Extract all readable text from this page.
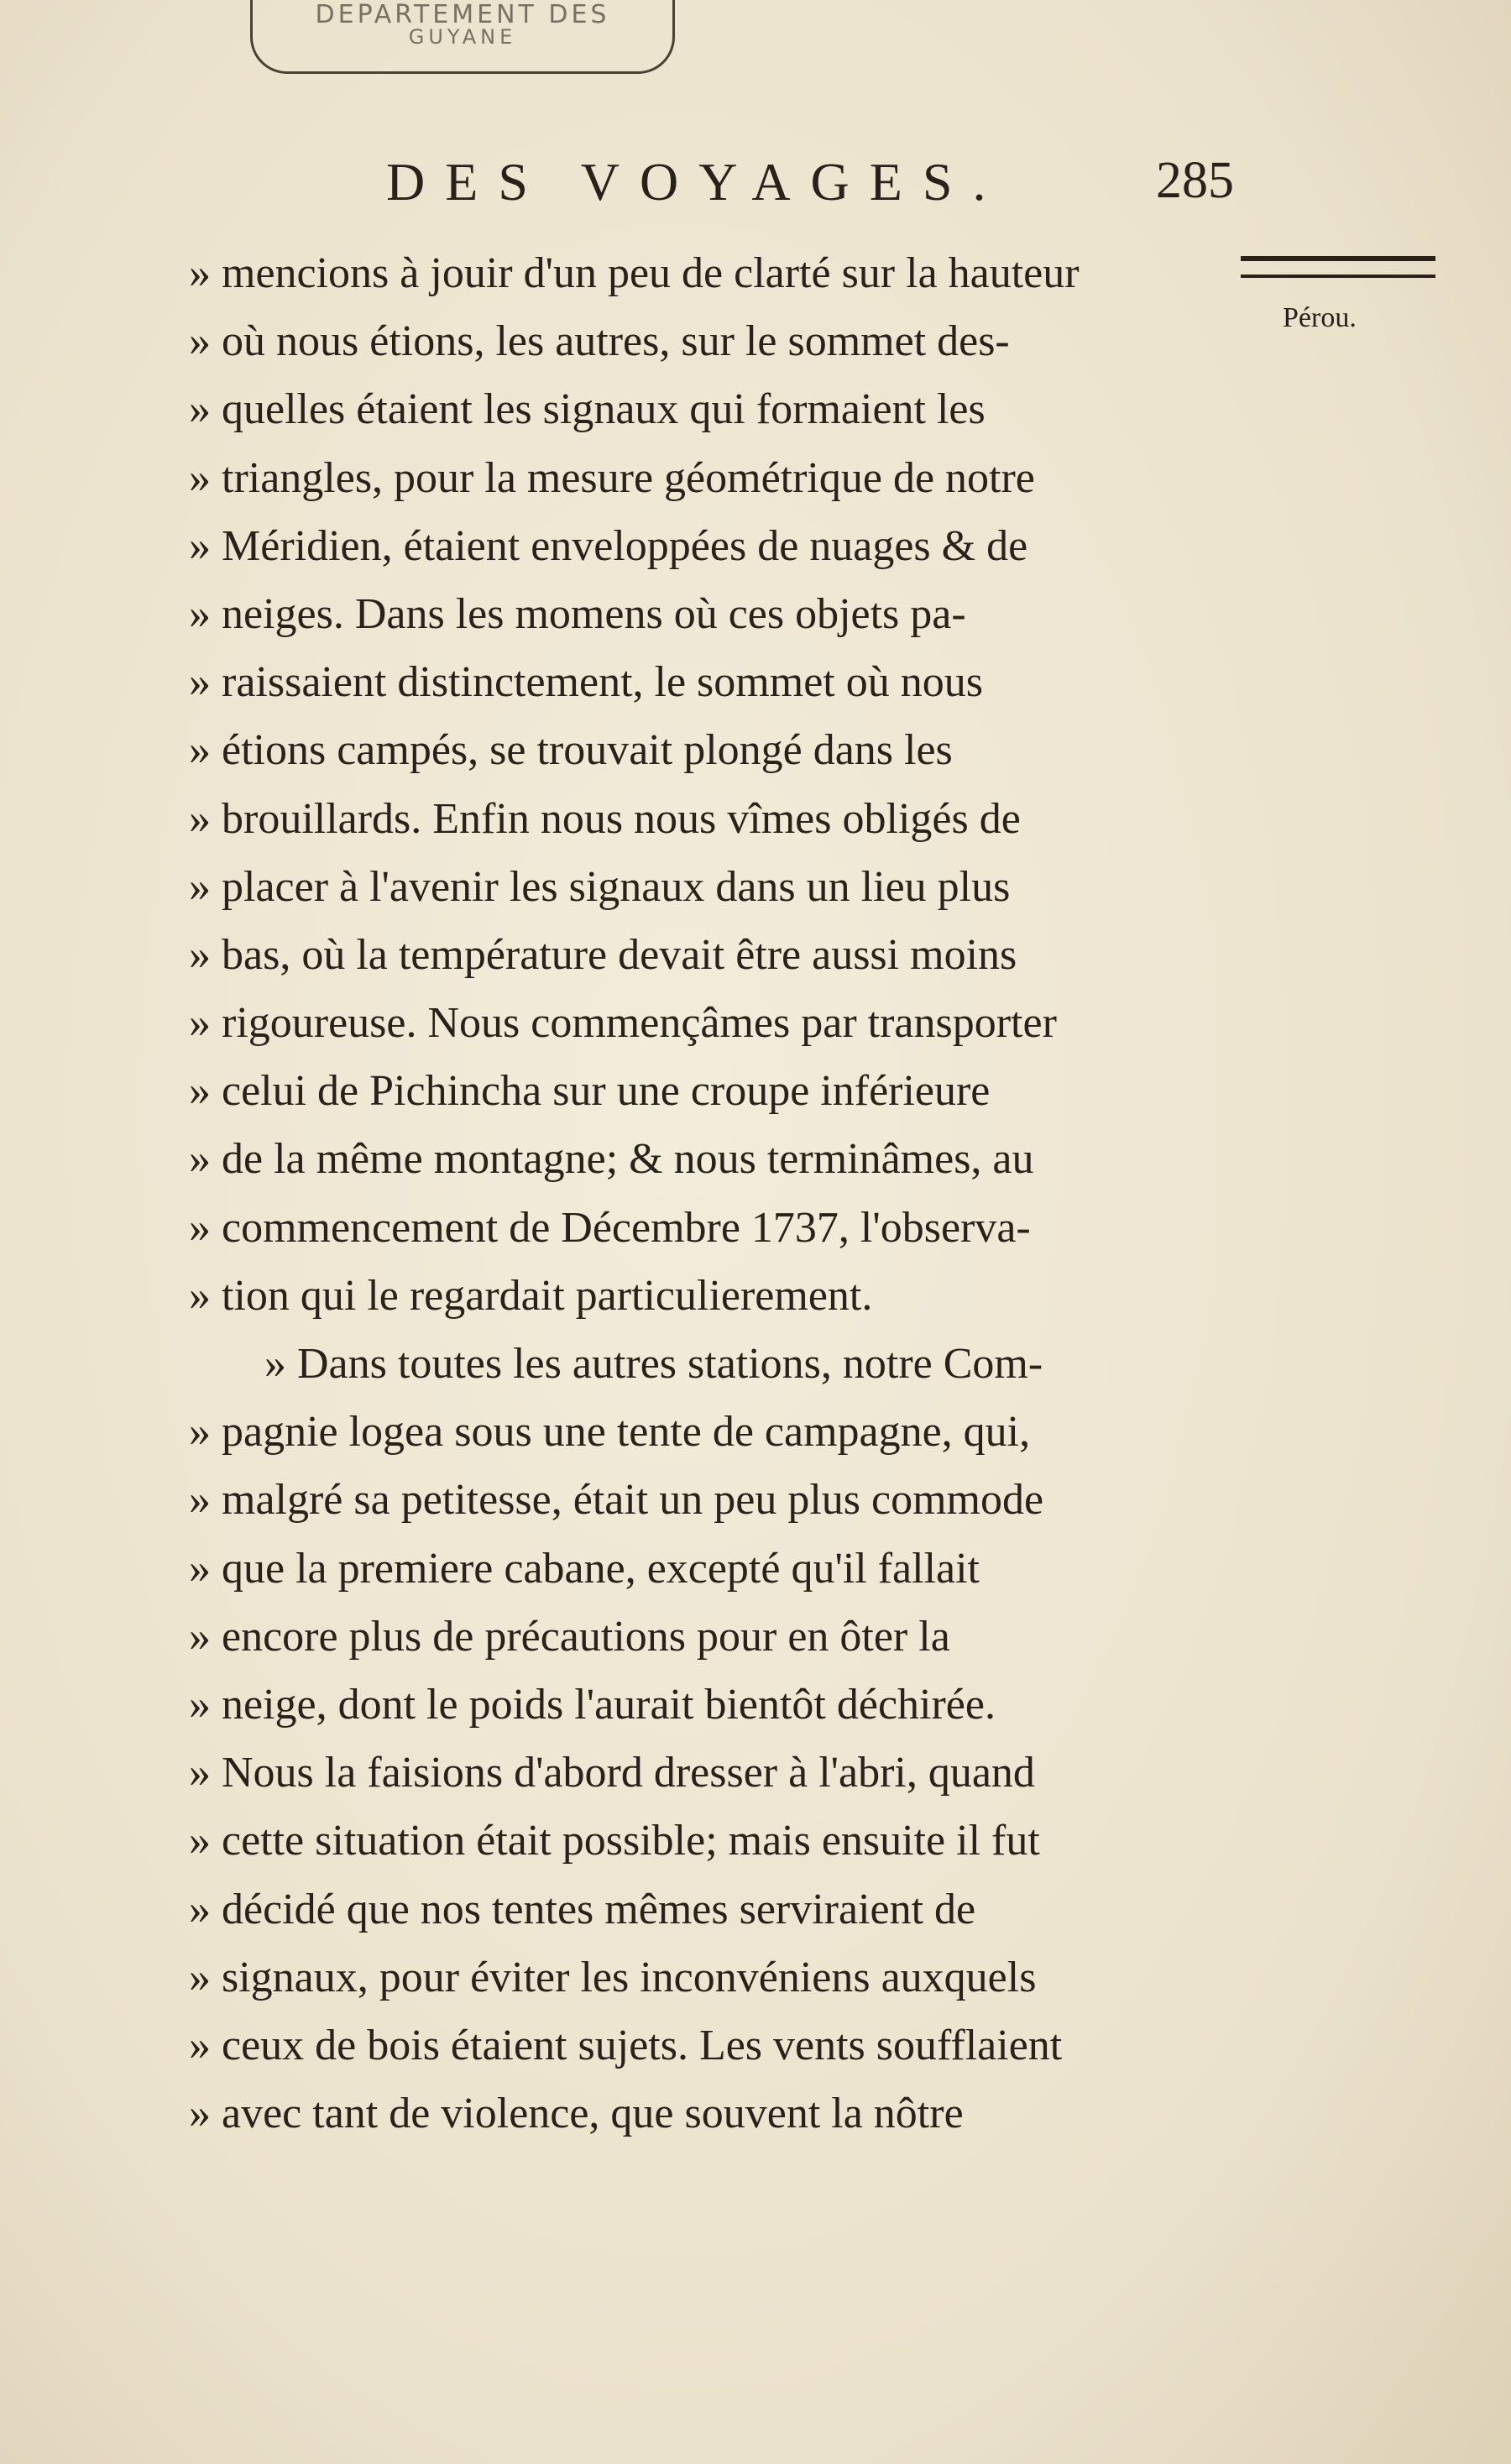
DEPARTEMENT DES
GUYANE
DES VOYAGES.	285
Pérou.
» mencions à jouir d'un peu de clarté sur la hauteur
» où nous étions, les autres, sur le sommet des-
» quelles étaient les signaux qui formaient les
» triangles, pour la mesure géométrique de notre
» Méridien, étaient enveloppées de nuages & de
» neiges. Dans les momens où ces objets pa-
» raissaient distinctement, le sommet où nous
» étions campés, se trouvait plongé dans les
» brouillards. Enfin nous nous vîmes obligés de
» placer à l'avenir les signaux dans un lieu plus
» bas, où la température devait être aussi moins
» rigoureuse. Nous commençâmes par transporter
» celui de Pichincha sur une croupe inférieure
» de la même montagne; & nous terminâmes, au
» commencement de Décembre 1737, l'observa-
» tion qui le regardait particulierement.
» Dans toutes les autres stations, notre Com-
» pagnie logea sous une tente de campagne, qui,
» malgré sa petitesse, était un peu plus commode
» que la premiere cabane, excepté qu'il fallait
» encore plus de précautions pour en ôter la
» neige, dont le poids l'aurait bientôt déchirée.
» Nous la faisions d'abord dresser à l'abri, quand
» cette situation était possible; mais ensuite il fut
» décidé que nos tentes mêmes serviraient de
» signaux, pour éviter les inconvéniens auxquels
» ceux de bois étaient sujets. Les vents soufflaient
» avec tant de violence, que souvent la nôtre
